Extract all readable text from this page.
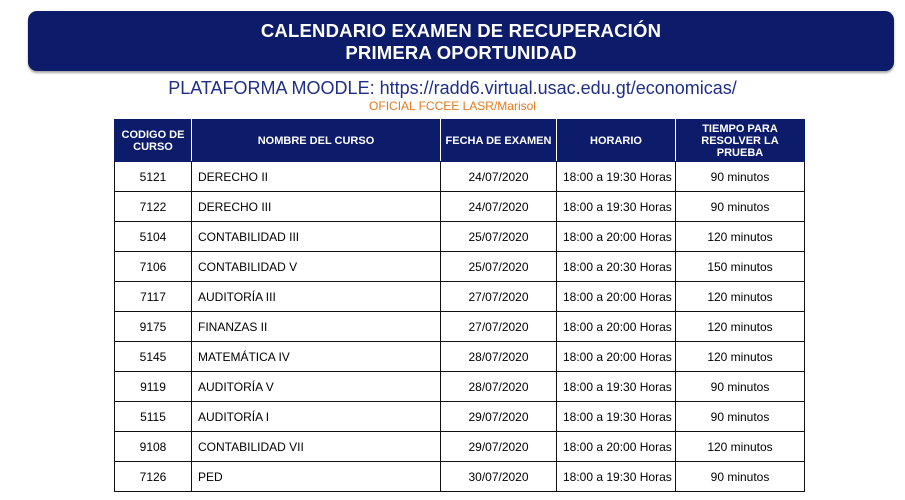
CALENDARIO EXAMEN DE RECUPERACIÓN
PRIMERA OPORTUNIDAD
PLATAFORMA MOODLE: https://radd6.virtual.usac.edu.gt/economicas/
OFICIAL FCCEE LASR/Marisol
CODIGO DE CURSO	NOMBRE DEL CURSO	FECHA DE EXAMEN	HORARIO	TIEMPO PARA RESOLVER LA PRUEBA
5121	DERECHO II	24/07/2020	18:00 a 19:30 Horas	90 minutos
7122	DERECHO III	24/07/2020	18:00 a 19:30 Horas	90 minutos
5104	CONTABILIDAD III	25/07/2020	18:00 a 20:00 Horas	120 minutos
7106	CONTABILIDAD V	25/07/2020	18:00 a 20:30 Horas	150 minutos
7117	AUDITORÍA III	27/07/2020	18:00 a 20:00 Horas	120 minutos
9175	FINANZAS II	27/07/2020	18:00 a 20:00 Horas	120 minutos
5145	MATEMÁTICA IV	28/07/2020	18:00 a 20:00 Horas	120 minutos
9119	AUDITORÍA V	28/07/2020	18:00 a 19:30 Horas	90 minutos
5115	AUDITORÍA I	29/07/2020	18:00 a 19:30 Horas	90 minutos
9108	CONTABILIDAD VII	29/07/2020	18:00 a 20:00 Horas	120 minutos
7126	PED	30/07/2020	18:00 a 19:30 Horas	90 minutos
